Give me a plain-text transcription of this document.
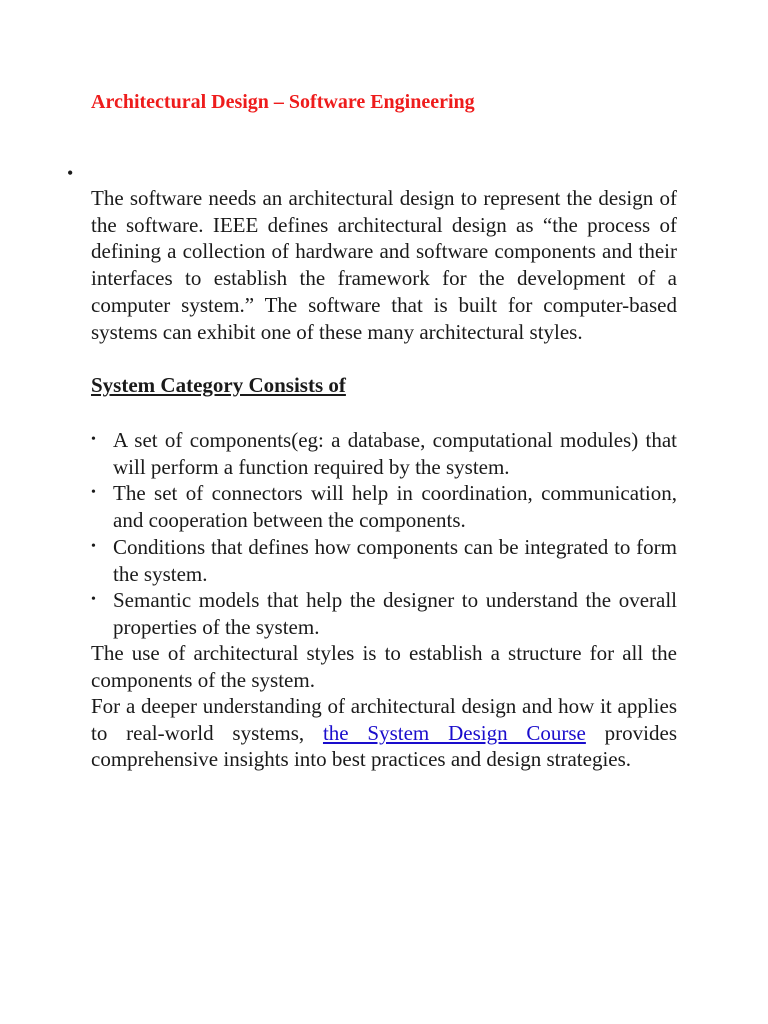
Architectural Design – Software Engineering
•

The software needs an architectural design to represent the design of the software. IEEE defines architectural design as “the process of defining a collection of hardware and software components and their interfaces to establish the framework for the development of a computer system.” The software that is built for computer-based systems can exhibit one of these many architectural styles.

System Category Consists of
• A set of components(eg: a database, computational modules) that will perform a function required by the system.
• The set of connectors will help in coordination, communication, and cooperation between the components.
• Conditions that defines how components can be integrated to form the system.
• Semantic models that help the designer to understand the overall properties of the system.

The use of architectural styles is to establish a structure for all the components of the system.

For a deeper understanding of architectural design and how it applies to real-world systems, the System Design Course provides comprehensive insights into best practices and design strategies.
